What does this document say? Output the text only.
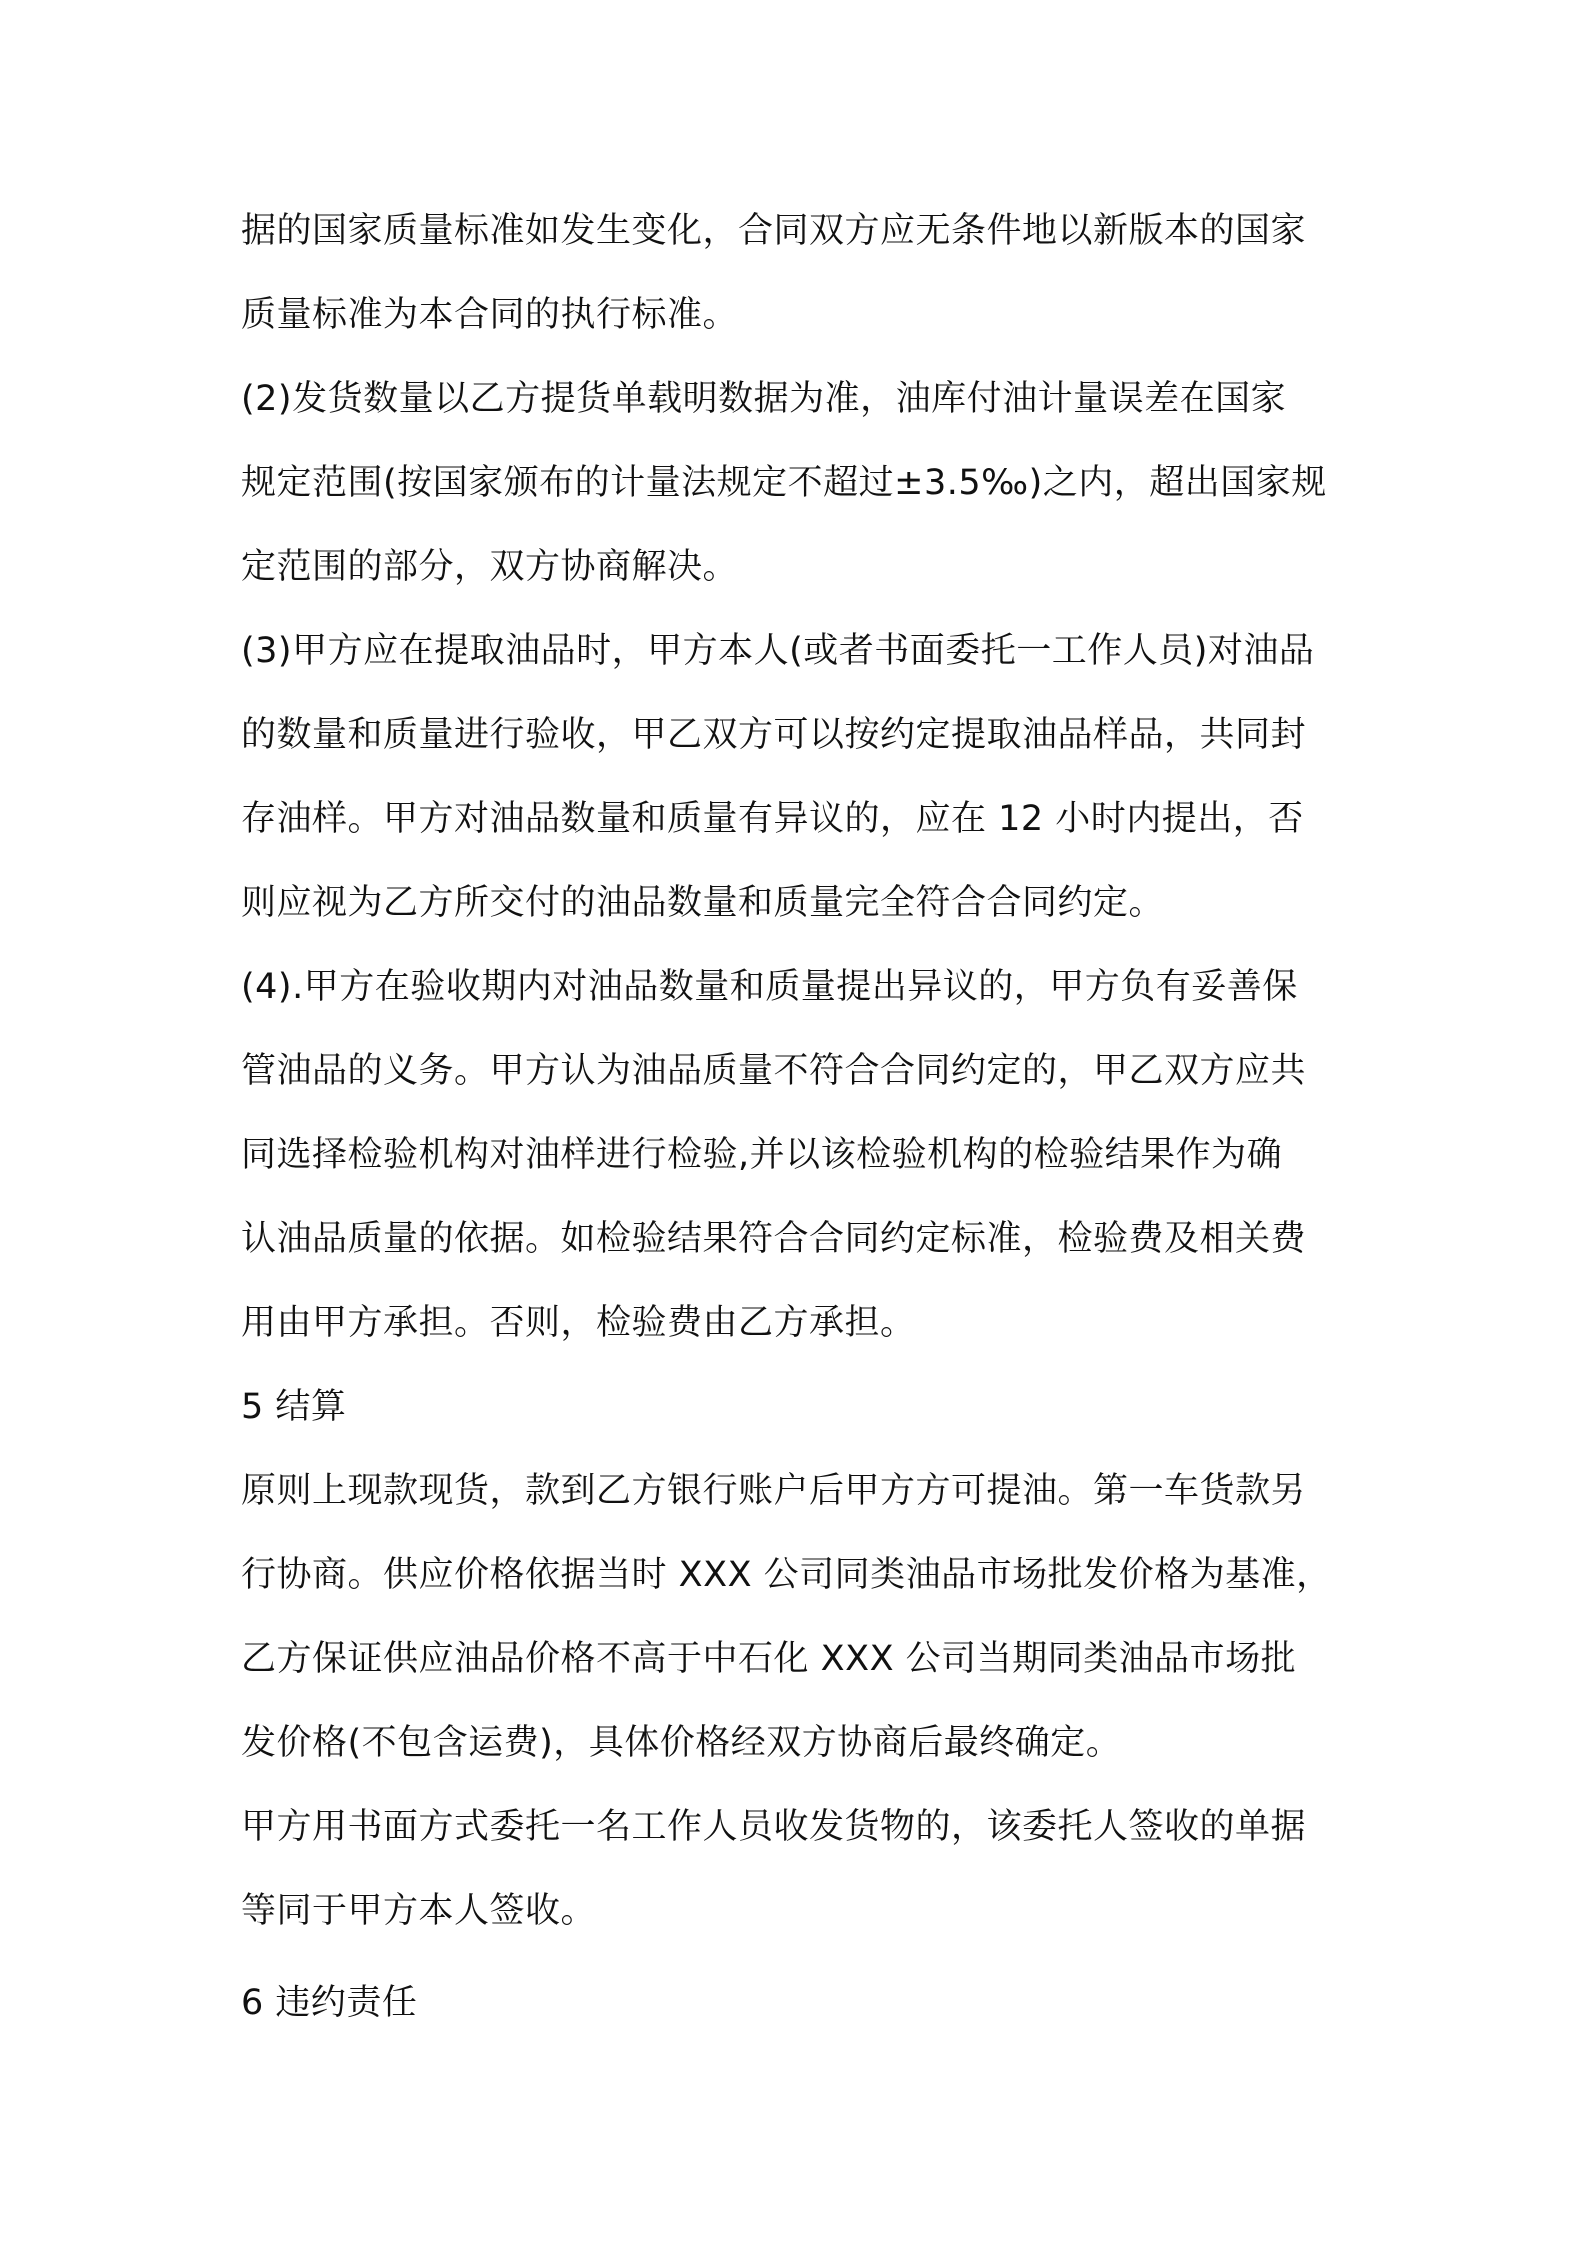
据的国家质量标准如发生变化，合同双方应无条件地以新版本的国家
质量标准为本合同的执行标准。
(2)发货数量以乙方提货单载明数据为准，油库付油计量误差在国家
规定范围(按国家颁布的计量法规定不超过±3.5‰)之内，超出国家规
定范围的部分，双方协商解决。
(3)甲方应在提取油品时，甲方本人(或者书面委托一工作人员)对油品
的数量和质量进行验收，甲乙双方可以按约定提取油品样品，共同封
存油样。甲方对油品数量和质量有异议的，应在 12 小时内提出，否
则应视为乙方所交付的油品数量和质量完全符合合同约定。
(4).甲方在验收期内对油品数量和质量提出异议的，甲方负有妥善保
管油品的义务。甲方认为油品质量不符合合同约定的，甲乙双方应共
同选择检验机构对油样进行检验,并以该检验机构的检验结果作为确
认油品质量的依据。如检验结果符合合同约定标准，检验费及相关费
用由甲方承担。否则，检验费由乙方承担。
5 结算
原则上现款现货，款到乙方银行账户后甲方方可提油。第一车货款另
行协商。供应价格依据当时 XXX 公司同类油品市场批发价格为基准，
乙方保证供应油品价格不高于中石化 XXX 公司当期同类油品市场批
发价格(不包含运费)，具体价格经双方协商后最终确定。
甲方用书面方式委托一名工作人员收发货物的，该委托人签收的单据
等同于甲方本人签收。
6 违约责任
